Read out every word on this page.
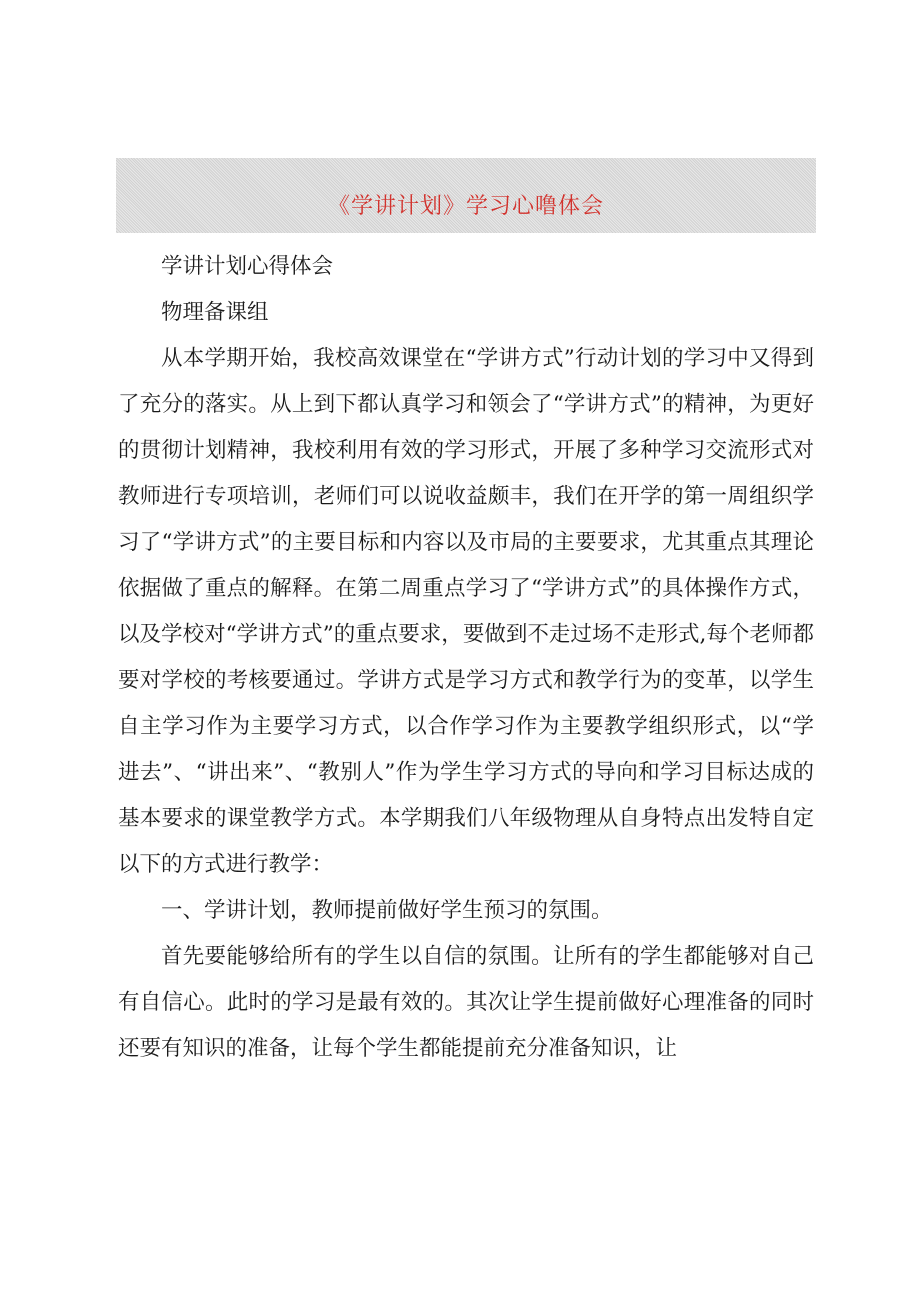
《学讲计划》学习心噜体会

学讲计划心得体会

物理备课组

从本学期开始，我校高效课堂在“学讲方式”行动计划的学习中又得到了充分的落实。从上到下都认真学习和领会了“学讲方式”的精神，为更好的贯彻计划精神，我校利用有效的学习形式，开展了多种学习交流形式对教师进行专项培训，老师们可以说收益颇丰，我们在开学的第一周组织学习了“学讲方式”的主要目标和内容以及市局的主要要求，尤其重点其理论依据做了重点的解释。在第二周重点学习了“学讲方式”的具体操作方式，以及学校对“学讲方式”的重点要求，要做到不走过场不走形式,每个老师都要对学校的考核要通过。学讲方式是学习方式和教学行为的变革，以学生自主学习作为主要学习方式，以合作学习作为主要教学组织形式，以“学进去”、“讲出来”、“教别人”作为学生学习方式的导向和学习目标达成的基本要求的课堂教学方式。本学期我们八年级物理从自身特点出发特自定以下的方式进行教学：

一、学讲计划，教师提前做好学生预习的氛围。

首先要能够给所有的学生以自信的氛围。让所有的学生都能够对自己有自信心。此时的学习是最有效的。其次让学生提前做好心理准备的同时还要有知识的准备，让每个学生都能提前充分准备知识，让
